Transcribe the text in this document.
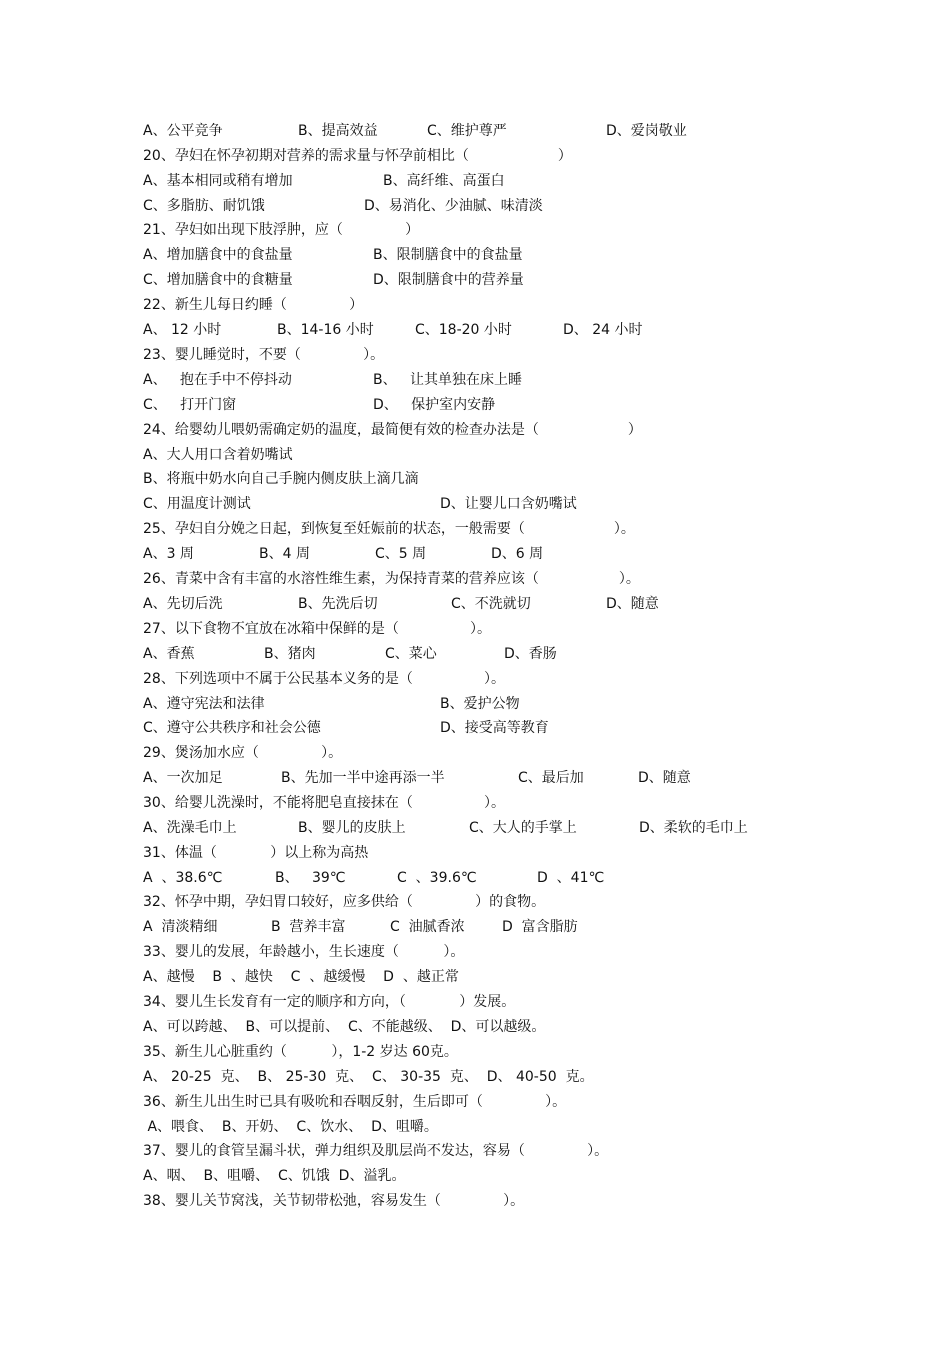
A、公平竞争

	B、提高效益

	C、维护尊严

	D、爱岗敬业

20、孕妇在怀孕初期对营养的需求量与怀孕前相比（                    ）

A、基本相同或稍有增加

	B、高纤维、高蛋白

C、多脂肪、耐饥饿

	D、易消化、少油腻、味清淡

21、孕妇如出现下肢浮肿，应（              ）

A、增加膳食中的食盐量

	B、限制膳食中的食盐量

C、增加膳食中的食糖量

	D、限制膳食中的营养量

22、新生儿每日约睡（              ）

A、 12 小时

	B、14-16 小时

	C、18-20 小时

	D、 24 小时

23、婴儿睡觉时，不要（              ）。

A、   抱在手中不停抖动

	B、   让其单独在床上睡

C、   打开门窗

	D、   保护室内安静

24、给婴幼儿喂奶需确定奶的温度，最简便有效的检查办法是（                    ）
A、大人用口含着奶嘴试
B、将瓶中奶水向自己手腕内侧皮肤上滴几滴

C、用温度计测试

	D、让婴儿口含奶嘴试

25、孕妇自分娩之日起，到恢复至妊娠前的状态，一般需要（                    ）。

A、3 周

	B、4 周

	C、5 周

	D、6 周

26、青菜中含有丰富的水溶性维生素，为保持青菜的营养应该（                  ）。

A、先切后洗

	B、先洗后切

	C、不洗就切

	D、随意

27、以下食物不宜放在冰箱中保鲜的是（                ）。

A、香蕉

	B、猪肉

	C、菜心

	D、香肠

28、下列选项中不属于公民基本义务的是（                ）。

A、遵守宪法和法律

	B、爱护公物

C、遵守公共秩序和社会公德

	D、接受高等教育

29、煲汤加水应（              ）。

A、一次加足

	B、先加一半中途再添一半

	C、最后加

	D、随意

30、给婴儿洗澡时，不能将肥皂直接抹在（                ）。

A、洗澡毛巾上

	B、婴儿的皮肤上

	C、大人的手掌上

	D、柔软的毛巾上

31、体温（            ）以上称为高热

A  、38.6℃

	B、   39℃

	C  、39.6℃

	D  、41℃

32、怀孕中期，孕妇胃口较好，应多供给（              ）的食物。

A  清淡精细

	B  营养丰富

	C  油腻香浓

	D  富含脂肪

33、婴儿的发展，年龄越小，生长速度（          ）。
A、越慢    B  、越快    C  、越缓慢    D  、越正常
34、婴儿生长发育有一定的顺序和方向，（            ）发展。
A、可以跨越、  B、可以提前、  C、不能越级、  D、可以越级。
35、新生儿心脏重约（          ），1-2 岁达 60克。
A、 20-25  克、  B、 25-30  克、  C、 30-35  克、  D、 40-50  克。
36、新生儿出生时已具有吸吮和吞咽反射，生后即可（              ）。
A、喂食、  B、开奶、  C、饮水、  D、咀嚼。
37、婴儿的食管呈漏斗状，弹力组织及肌层尚不发达，容易（              ）。
A、咽、  B、咀嚼、  C、饥饿  D、溢乳。
38、婴儿关节窝浅，关节韧带松弛，容易发生（              ）。
